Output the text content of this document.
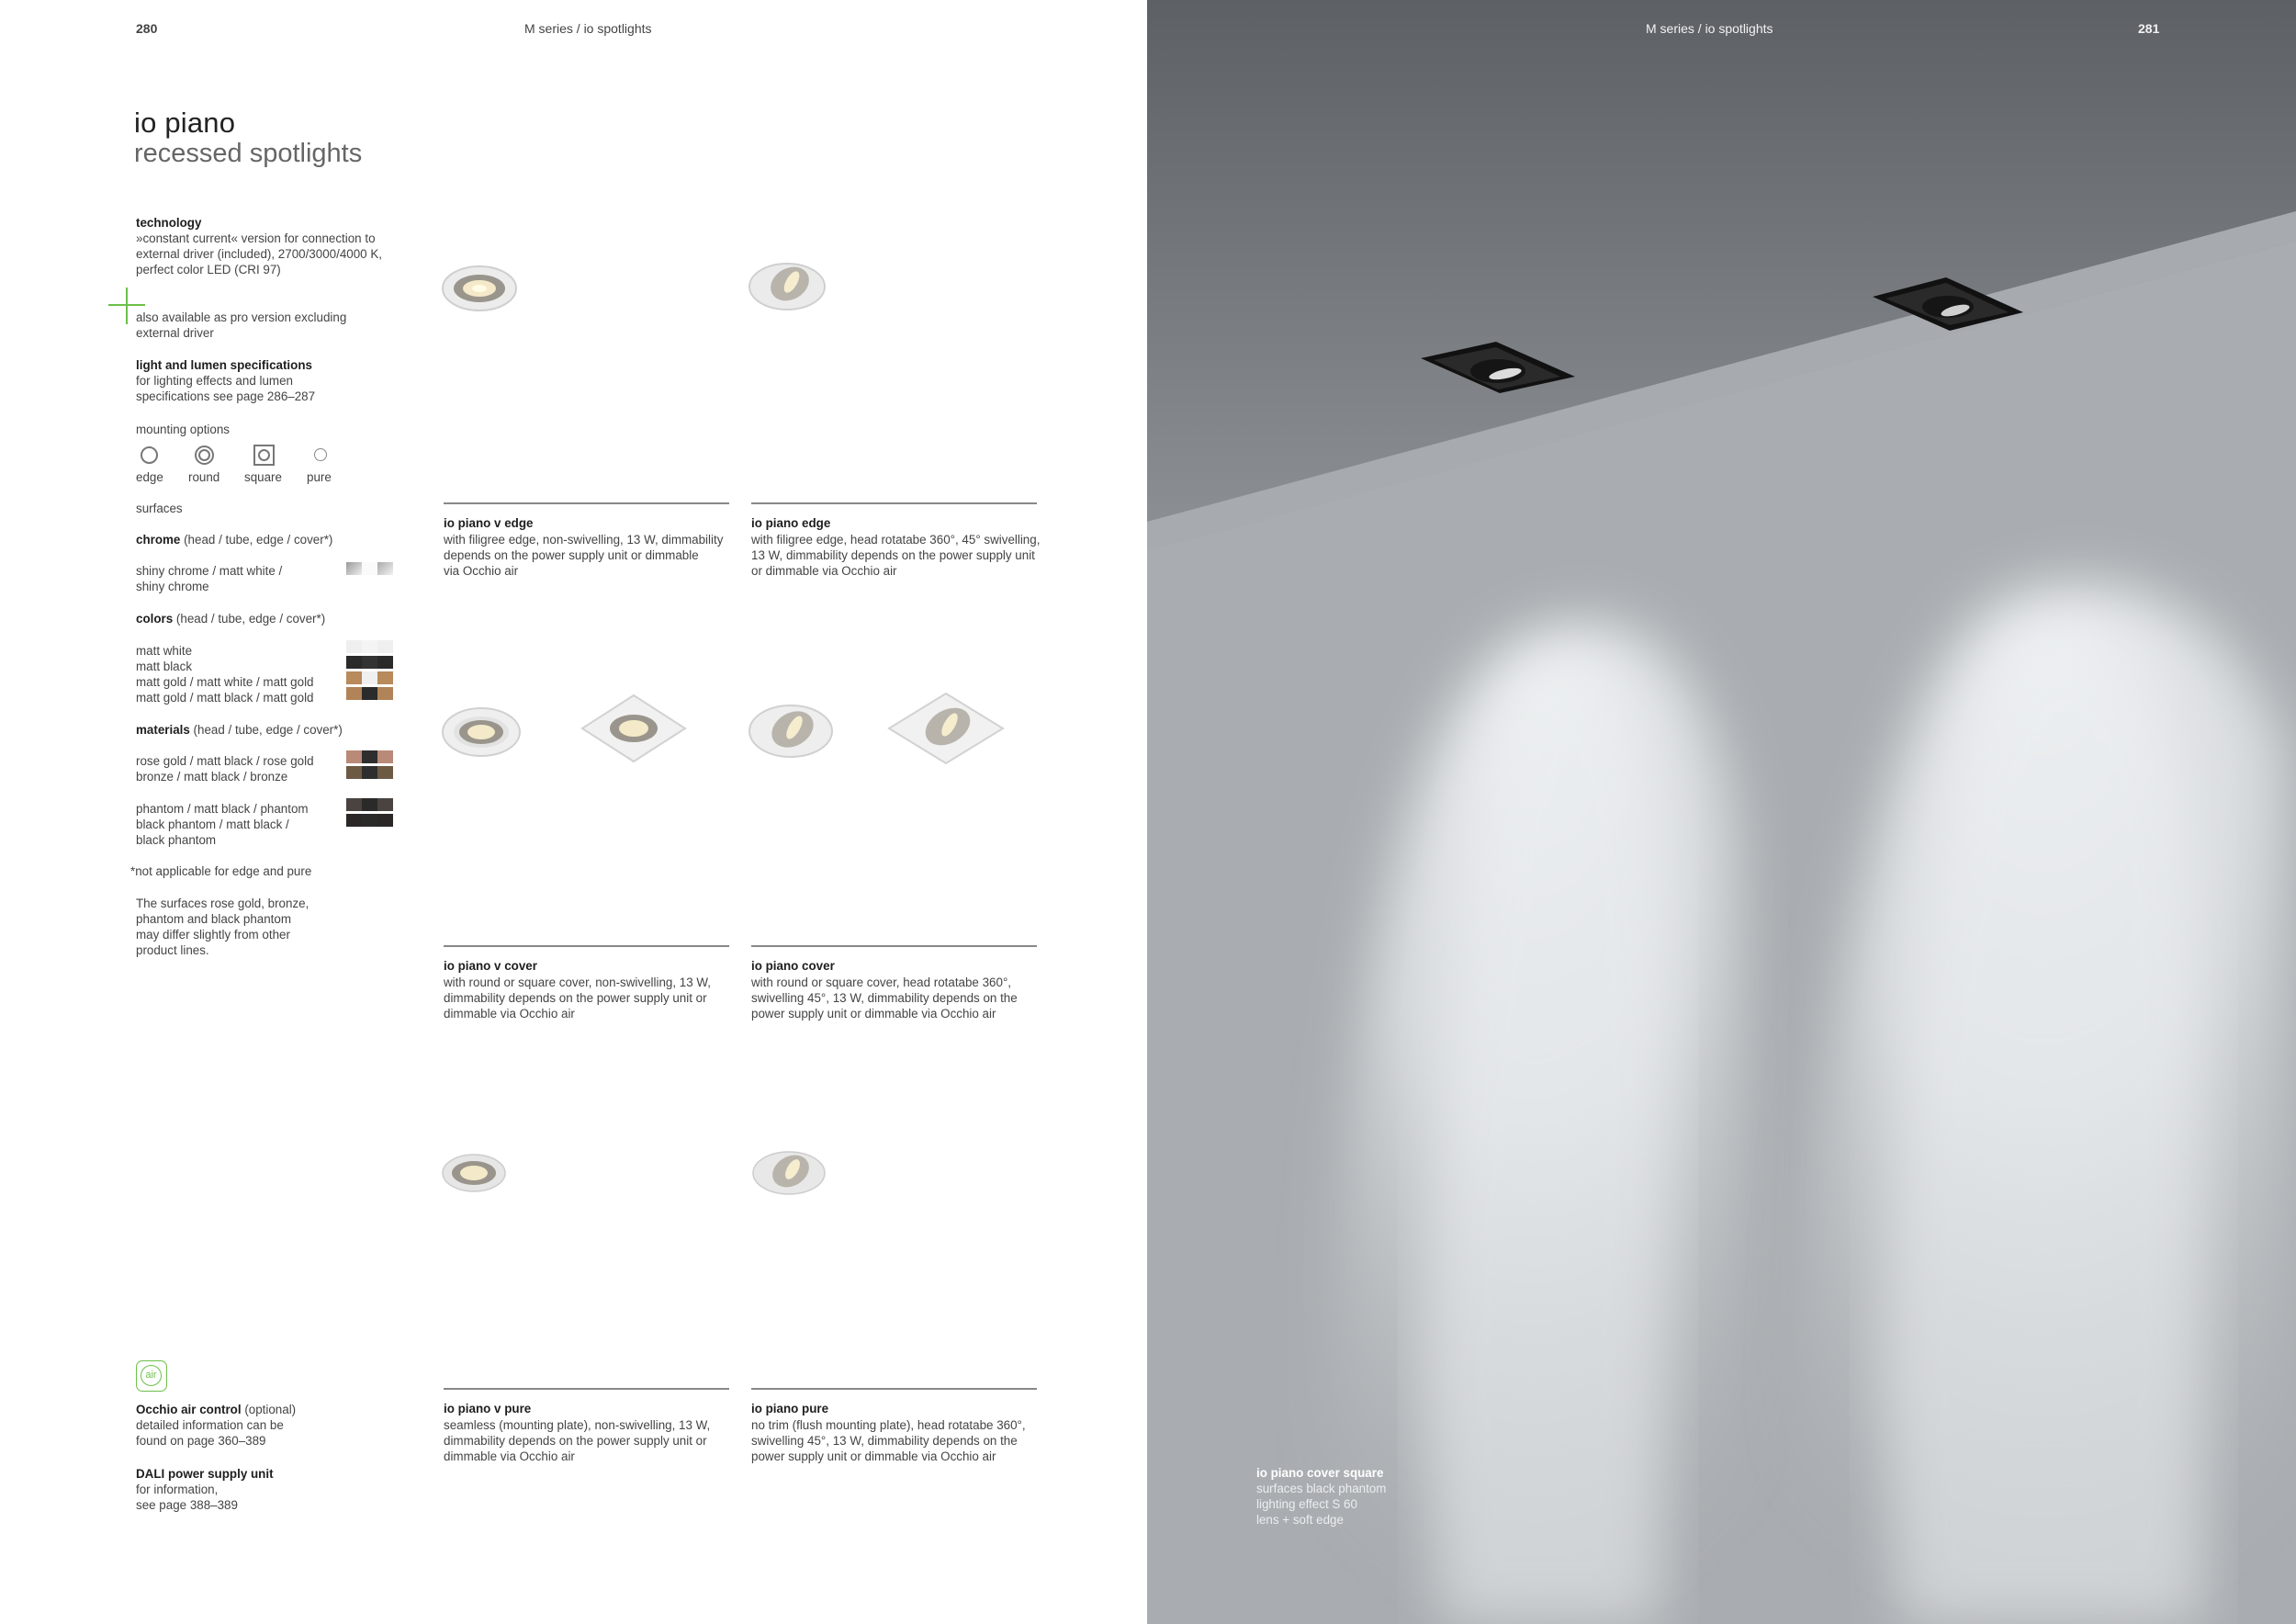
280	M series / io spotlights
io piano
recessed spotlights
technology
»constant current« version for connection to
external driver (included), 2700/3000/4000 K,
perfect color LED (CRI 97)
also available as pro version excluding
external driver
light and lumen specifications
for lighting effects and lumen
specifications see page 286–287
mounting options
edge round square pure
surfaces
chrome (head / tube, edge / cover*)
shiny chrome / matt white /
shiny chrome
colors (head / tube, edge / cover*)
matt white
matt black
matt gold / matt white / matt gold
matt gold / matt black / matt gold
materials (head / tube, edge / cover*)
rose gold / matt black / rose gold
bronze / matt black / bronze
phantom / matt black / phantom
black phantom / matt black /
black phantom
*not applicable for edge and pure
The surfaces rose gold, bronze,
phantom and black phantom
may differ slightly from other
product lines.
air
Occhio air control (optional)
detailed information can be
found on page 360–389
DALI power supply unit
for information,
see page 388–389
io piano v edge
with filigree edge, non-swivelling, 13 W, dimmability
depends on the power supply unit or dimmable
via Occhio air
io piano edge
with filigree edge, head rotatabe 360°, 45° swivelling,
13 W, dimmability depends on the power supply unit
or dimmable via Occhio air
io piano v cover
with round or square cover, non-swivelling, 13 W,
dimmability depends on the power supply unit or
dimmable via Occhio air
io piano cover
with round or square cover, head rotatabe 360°,
swivelling 45°, 13 W, dimmability depends on the
power supply unit or dimmable via Occhio air
io piano v pure
seamless (mounting plate), non-swivelling, 13 W,
dimmability depends on the power supply unit or
dimmable via Occhio air
io piano pure
no trim (flush mounting plate), head rotatabe 360°,
swivelling 45°, 13 W, dimmability depends on the
power supply unit or dimmable via Occhio air
M series / io spotlights	281
io piano cover square
surfaces black phantom
lighting effect S 60
lens + soft edge
